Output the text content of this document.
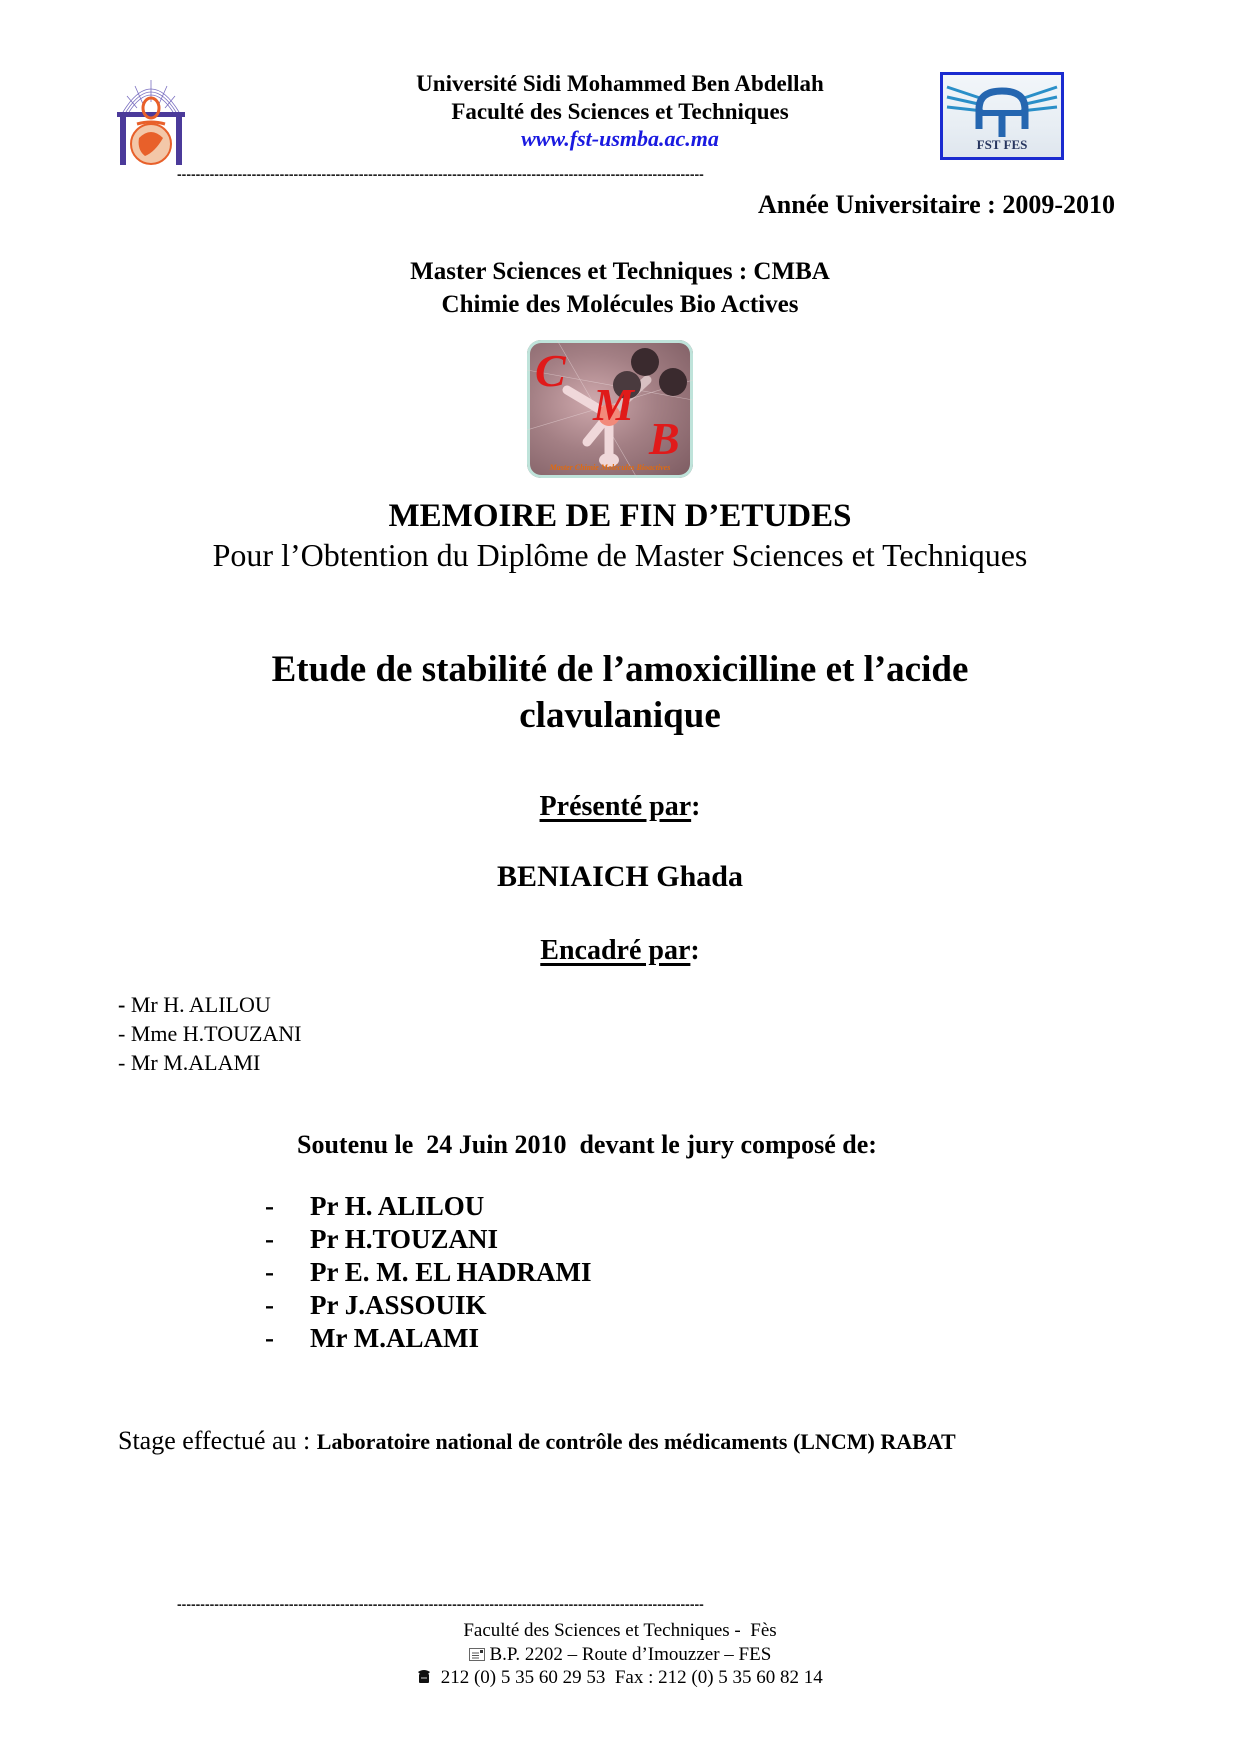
Université Sidi Mohammed Ben Abdellah
Faculté des Sciences et Techniques
www.fst-usmba.ac.ma	FST FES
-----------------------------------------------------------------------------------------------------------------
Année Universitaire : 2009-2010
Master Sciences et Techniques : CMBA
Chimie des Molécules Bio Actives
C
M
B
Master Chimie Molécules Bioactives
MEMOIRE DE FIN D’ETUDES
Pour l’Obtention du Diplôme de Master Sciences et Techniques
Etude de stabilité de l’amoxicilline et l’acide
clavulanique
Présenté par:
BENIAICH Ghada
Encadré par:
- Mr H. ALILOU
- Mme H.TOUZANI
- Mr M.ALAMI
Soutenu le  24 Juin 2010  devant le jury composé de:
- Pr H. ALILOU
- Pr H.TOUZANI
- Pr E. M. EL HADRAMI
- Pr J.ASSOUIK
- Mr M.ALAMI
Stage effectué au : Laboratoire national de contrôle des médicaments (LNCM) RABAT
-----------------------------------------------------------------------------------------------------------------
Faculté des Sciences et Techniques -  Fès
B.P. 2202 – Route d’Imouzzer – FES
212 (0) 5 35 60 29 53  Fax : 212 (0) 5 35 60 82 14
